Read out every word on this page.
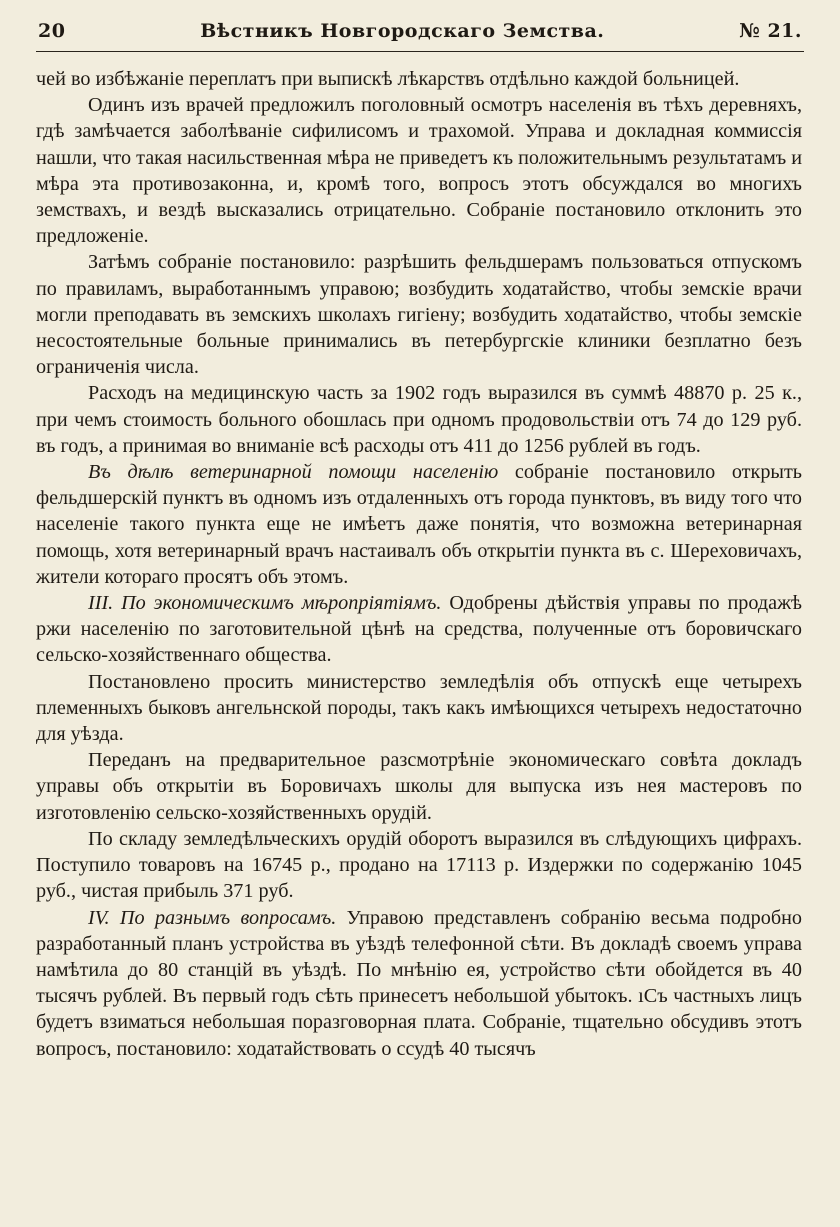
20	Вѣстникъ Новгородскаго Земства.	№ 21.

чей во избѣжаніе переплатъ при выпискѣ лѣкарствъ отдѣльно каждой больницей.

Одинъ изъ врачей предложилъ поголовный осмотръ населенія въ тѣхъ деревняхъ, гдѣ замѣчается заболѣваніе сифилисомъ и трахомой. Управа и докладная коммиссія нашли, что такая насильственная мѣра не приведетъ къ положительнымъ результатамъ и мѣра эта противозаконна, и, кромѣ того, вопросъ этотъ обсуждался во многихъ земствахъ, и вездѣ высказались отрицательно. Собраніе постановило отклонить это предложеніе.

Затѣмъ собраніе постановило: разрѣшить фельдшерамъ пользоваться отпускомъ по правиламъ, выработаннымъ управою; возбудить ходатайство, чтобы земскіе врачи могли преподавать въ земскихъ школахъ гигіену; возбудить ходатайство, чтобы земскіе несостоятельные больные принимались въ петербургскіе клиники безплатно безъ ограниченія числа.

Расходъ на медицинскую часть за 1902 годъ выразился въ суммѣ 48870 р. 25 к., при чемъ стоимость больного обошлась при одномъ продовольствіи отъ 74 до 129 руб. въ годъ, а принимая во вниманіе всѣ расходы отъ 411 до 1256 рублей въ годъ.

Въ дѣлѣ ветеринарной помощи населенію собраніе постановило открыть фельдшерскій пунктъ въ одномъ изъ отдаленныхъ отъ города пунктовъ, въ виду того что населеніе такого пункта еще не имѣетъ даже понятія, что возможна ветеринарная помощь, хотя ветеринарный врачъ настаивалъ объ открытіи пункта въ с. Шереховичахъ, жители котораго просятъ объ этомъ.

III. По экономическимъ мѣропріятіямъ. Одобрены дѣйствія управы по продажѣ ржи населенію по заготовительной цѣнѣ на средства, полученные отъ боровичскаго сельско-хозяйственнаго общества.

Постановлено просить министерство земледѣлія объ отпускѣ еще четырехъ племенныхъ быковъ ангельнской породы, такъ какъ имѣющихся четырехъ недостаточно для уѣзда.

Переданъ на предварительное разсмотрѣніе экономическаго совѣта докладъ управы объ открытіи въ Боровичахъ школы для выпуска изъ нея мастеровъ по изготовленію сельско-хозяйственныхъ орудій.

По складу земледѣльческихъ орудій оборотъ выразился въ слѣдующихъ цифрахъ. Поступило товаровъ на 16745 р., продано на 17113 р. Издержки по содержанію 1045 руб., чистая прибыль 371 руб.

IV. По разнымъ вопросамъ. Управою представленъ собранію весьма подробно разработанный планъ устройства въ уѣздѣ телефонной сѣти. Въ докладѣ своемъ управа намѣтила до 80 станцій въ уѣздѣ. По мнѣнію ея, устройство сѣти обойдется въ 40 тысячъ рублей. Въ первый годъ сѣть принесетъ небольшой убытокъ. ıСъ частныхъ лицъ будетъ взиматься небольшая поразговорная плата. Собраніе, тщательно обсудивъ этотъ вопросъ, постановило: ходатайствовать о ссудѣ 40 тысячъ
